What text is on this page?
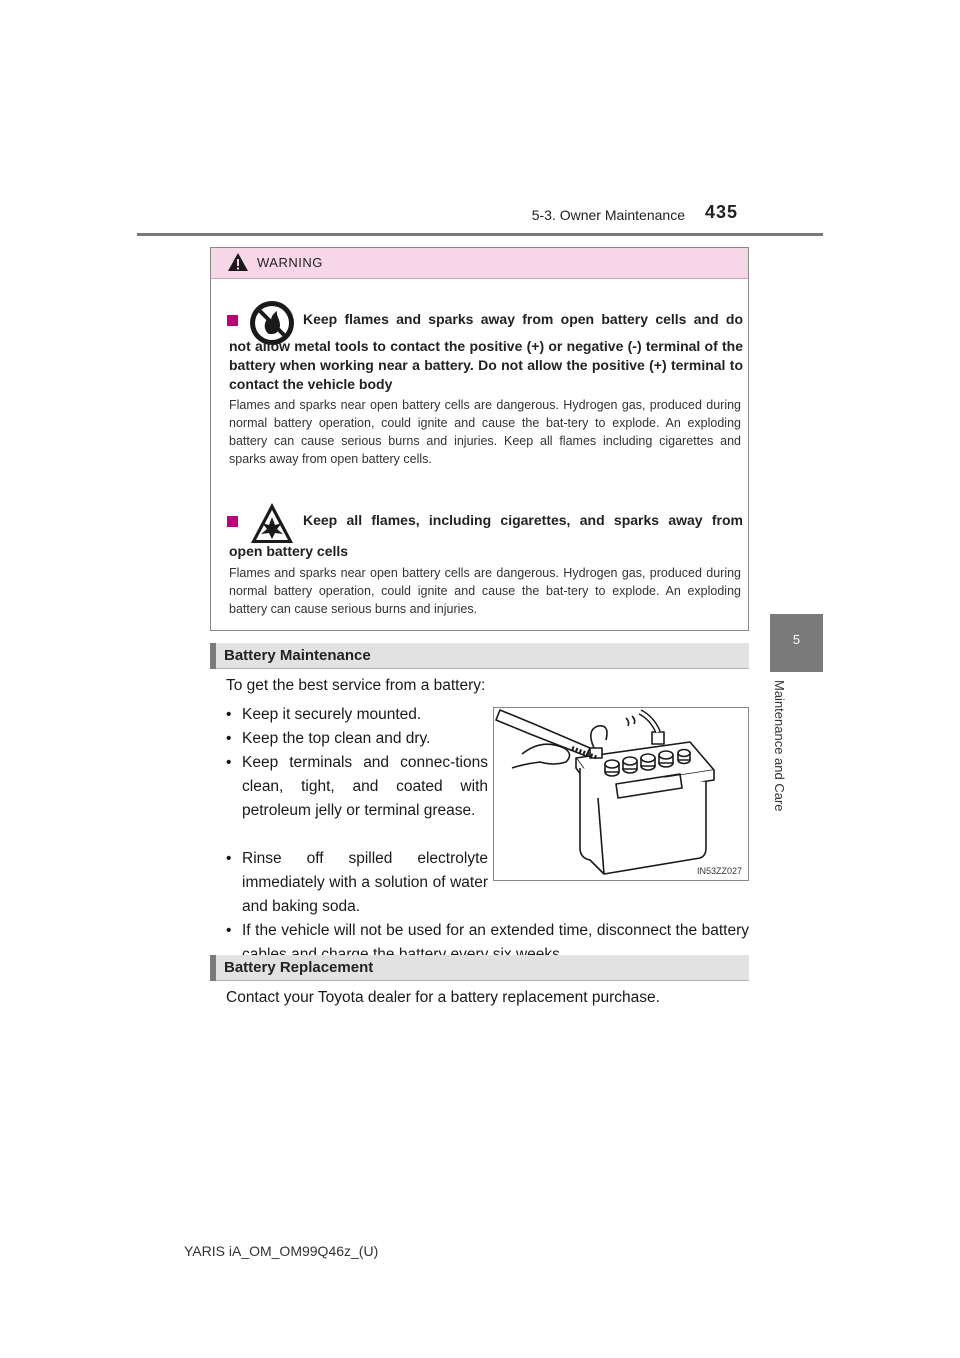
5-3. Owner Maintenance 435
5
Maintenance and Care
WARNING
Keep flames and sparks away from open battery cells and do
not allow metal tools to contact the positive (+) or negative (-) terminal of the battery when working near a battery. Do not allow the positive (+) terminal to contact the vehicle body
Flames and sparks near open battery cells are dangerous. Hydrogen gas, produced during normal battery operation, could ignite and cause the bat-tery to explode. An exploding battery can cause serious burns and injuries. Keep all flames including cigarettes and sparks away from open battery cells.
Keep all flames, including cigarettes, and sparks away from
open battery cells
Flames and sparks near open battery cells are dangerous. Hydrogen gas, produced during normal battery operation, could ignite and cause the bat-tery to explode. An exploding battery can cause serious burns and injuries.
Battery Maintenance
To get the best service from a battery:
• Keep it securely mounted.
• Keep the top clean and dry.
• Keep terminals and connec-tions clean, tight, and coated with petroleum jelly or terminal grease.
• Rinse off spilled electrolyte immediately with a solution of water and baking soda.
• If the vehicle will not be used for an extended time, disconnect the battery
IN53ZZ027
Battery Replacement
Contact your Toyota dealer for a battery replacement purchase.
YARIS iA_OM_OM99Q46z_(U)
